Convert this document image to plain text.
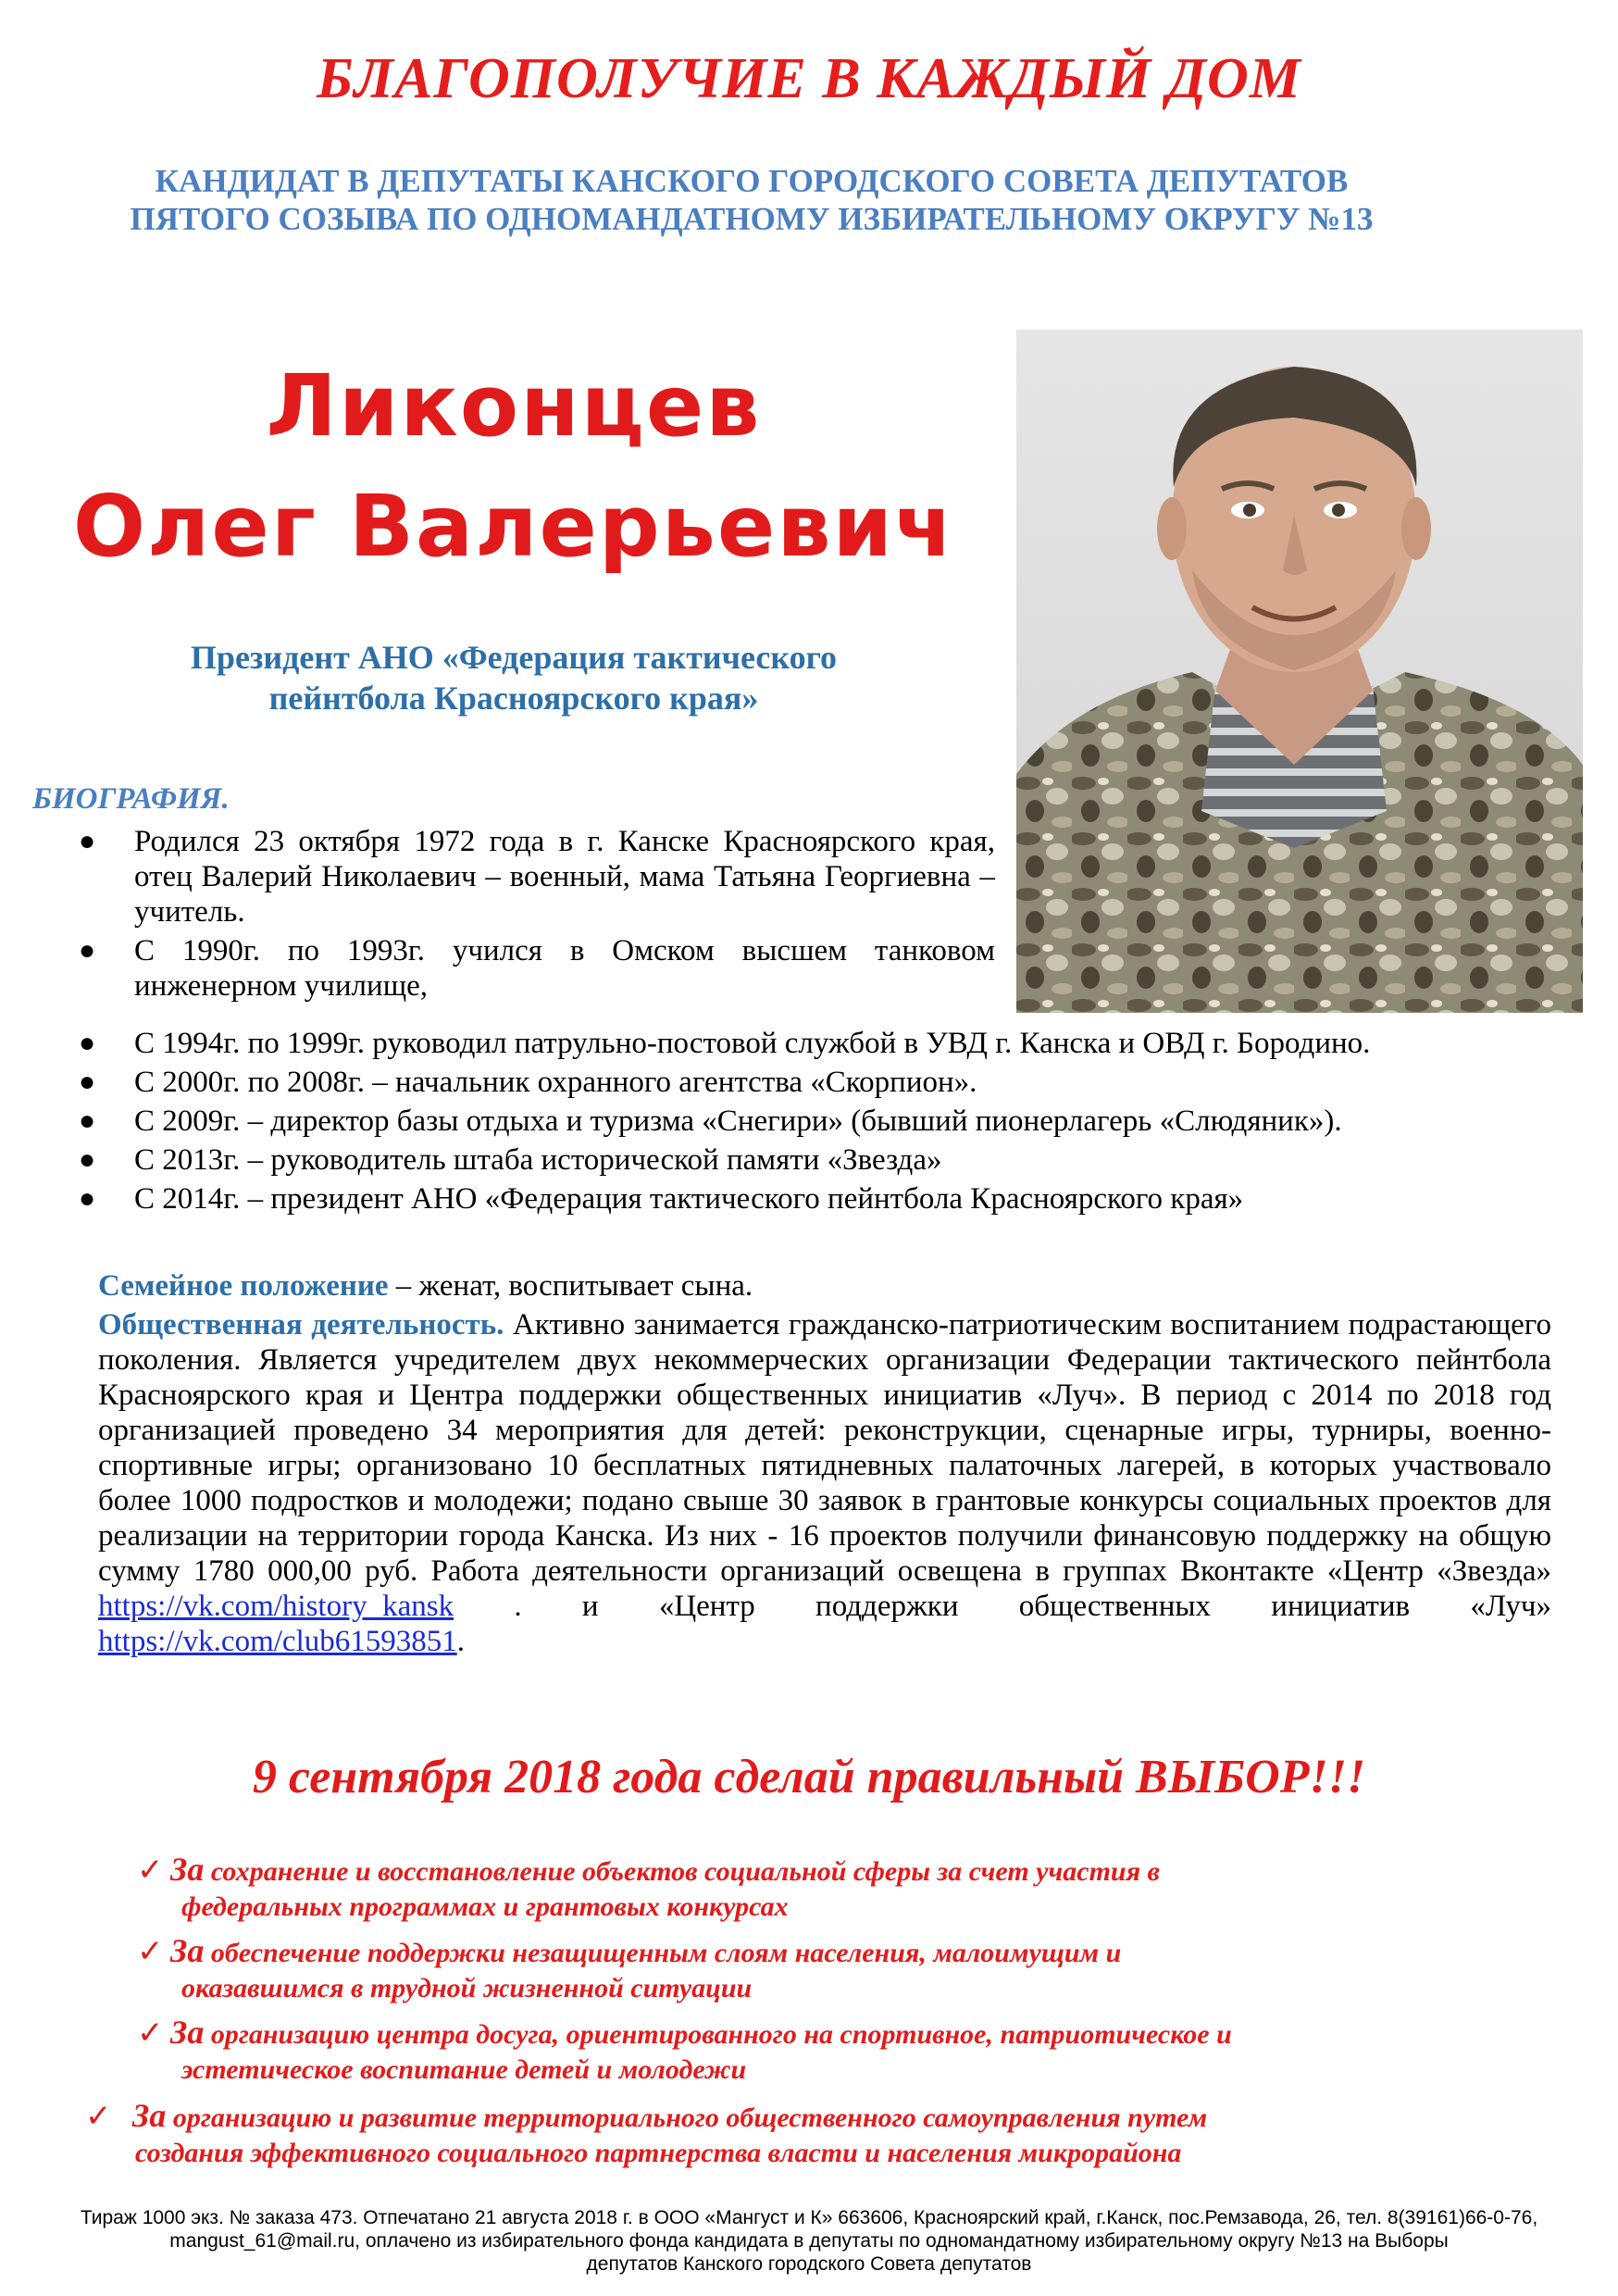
БЛАГОПОЛУЧИЕ В КАЖДЫЙ ДОМ
КАНДИДАТ В ДЕПУТАТЫ КАНСКОГО ГОРОДСКОГО СОВЕТА ДЕПУТАТОВ
ПЯТОГО СОЗЫВА ПО ОДНОМАНДАТНОМУ ИЗБИРАТЕЛЬНОМУ ОКРУГУ №13
Ликонцев
Олег Валерьевич
Президент АНО «Федерация тактического
пейнтбола Красноярского края»
БИОГРАФИЯ.
● Родился 23 октября 1972 года в г. Канске Красноярского края, отец Валерий Николаевич – военный, мама Татьяна Георгиевна – учитель.
● С 1990г. по 1993г. учился в Омском высшем танковом инженерном училище,
● С 1994г. по 1999г. руководил патрульно-постовой службой в УВД г. Канска и ОВД г. Бородино.
● С 2000г. по 2008г. – начальник охранного агентства «Скорпион».
● С 2009г. – директор базы отдыха и туризма «Снегири» (бывший пионерлагерь «Слюдяник»).
● С 2013г. – руководитель штаба исторической памяти «Звезда»
● С 2014г. – президент АНО «Федерация тактического пейнтбола Красноярского края»
Семейное положение – женат, воспитывает сына.
Общественная деятельность. Активно занимается гражданско-патриотическим воспитанием подрастающего поколения. Является учредителем двух некоммерческих организации Федерации тактического пейнтбола Красноярского края и Центра поддержки общественных инициатив «Луч». В период с 2014 по 2018 год организацией проведено 34 мероприятия для детей: реконструкции, сценарные игры, турниры, военно-спортивные игры; организовано 10 бесплатных пятидневных палаточных лагерей, в которых участвовало более 1000 подростков и молодежи; подано свыше 30 заявок в грантовые конкурсы социальных проектов для реализации на территории города Канска. Из них - 16 проектов получили финансовую поддержку на общую сумму 1780 000,00 руб. Работа деятельности организаций освещена в группах Вконтакте «Центр «Звезда» https://vk.com/history_kansk . и «Центр поддержки общественных инициатив «Луч» https://vk.com/club61593851.
9 сентября 2018 года сделай правильный ВЫБОР!!!
✓ За сохранение и восстановление объектов социальной сферы за счет участия в
федеральных программах и грантовых конкурсах
✓ За обеспечение поддержки незащищенным слоям населения, малоимущим и
оказавшимся в трудной жизненной ситуации
✓ За организацию центра досуга, ориентированного на спортивное, патриотическое и
эстетическое воспитание детей и молодежи
✓ За организацию и развитие территориального общественного самоуправления путем
создания эффективного социального партнерства власти и населения микрорайона
Тираж 1000 экз. № заказа 473. Отпечатано 21 августа 2018 г. в ООО «Мангуст и К» 663606, Красноярский край, г.Канск, пос.Ремзавода, 26, тел. 8(39161)66-0-76,
mangust_61@mail.ru, оплачено из избирательного фонда кандидата в депутаты по одномандатному избирательному округу №13 на Выборы
депутатов Канского городского Совета депутатов
